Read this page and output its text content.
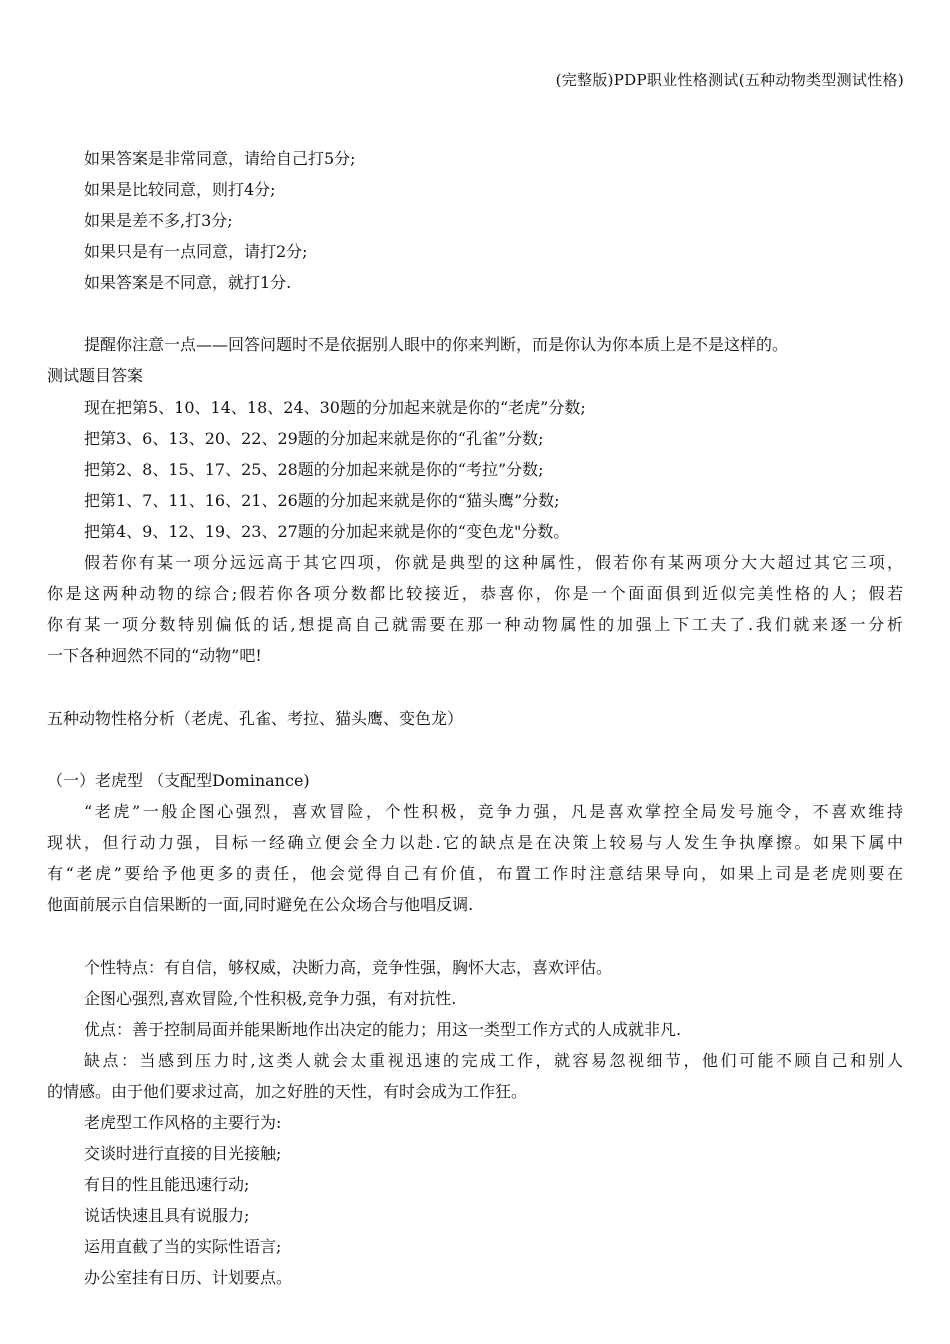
(完整版)PDP职业性格测试(五种动物类型测试性格)
如果答案是非常同意，请给自己打5分;
如果是比较同意，则打4分;
如果是差不多,打3分;
如果只是有一点同意，请打2分;
如果答案是不同意，就打1分.
提醒你注意一点——回答问题时不是依据别人眼中的你来判断，而是你认为你本质上是不是这样的。
测试题目答案
现在把第5、10、14、18、24、30题的分加起来就是你的“老虎”分数;
把第3、6、13、20、22、29题的分加起来就是你的“孔雀”分数;
把第2、8、15、17、25、28题的分加起来就是你的“考拉”分数;
把第1、7、11、16、21、26题的分加起来就是你的“猫头鹰”分数;
把第4、9、12、19、23、27题的分加起来就是你的“变色龙"分数。
假若你有某一项分远远高于其它四项，你就是典型的这种属性，假若你有某两项分大大超过其它三项，
你是这两种动物的综合;假若你各项分数都比较接近，恭喜你，你是一个面面俱到近似完美性格的人；假若
你有某一项分数特别偏低的话,想提高自己就需要在那一种动物属性的加强上下工夫了.我们就来逐一分析
一下各种迥然不同的“动物”吧!
五种动物性格分析（老虎、孔雀、考拉、猫头鹰、变色龙）
（一）老虎型 （支配型Dominance)
“老虎”一般企图心强烈，喜欢冒险，个性积极，竞争力强，凡是喜欢掌控全局发号施令，不喜欢维持
现状，但行动力强，目标一经确立便会全力以赴.它的缺点是在决策上较易与人发生争执摩擦。如果下属中
有“老虎”要给予他更多的责任，他会觉得自己有价值，布置工作时注意结果导向，如果上司是老虎则要在
他面前展示自信果断的一面,同时避免在公众场合与他唱反调.
个性特点：有自信，够权威，决断力高，竞争性强，胸怀大志，喜欢评估。
企图心强烈,喜欢冒险,个性积极,竞争力强，有对抗性.
优点：善于控制局面并能果断地作出决定的能力；用这一类型工作方式的人成就非凡.
缺点：当感到压力时,这类人就会太重视迅速的完成工作，就容易忽视细节，他们可能不顾自己和别人
的情感。由于他们要求过高，加之好胜的天性，有时会成为工作狂。
老虎型工作风格的主要行为:
交谈时进行直接的目光接触;
有目的性且能迅速行动;
说话快速且具有说服力;
运用直截了当的实际性语言;
办公室挂有日历、计划要点。
